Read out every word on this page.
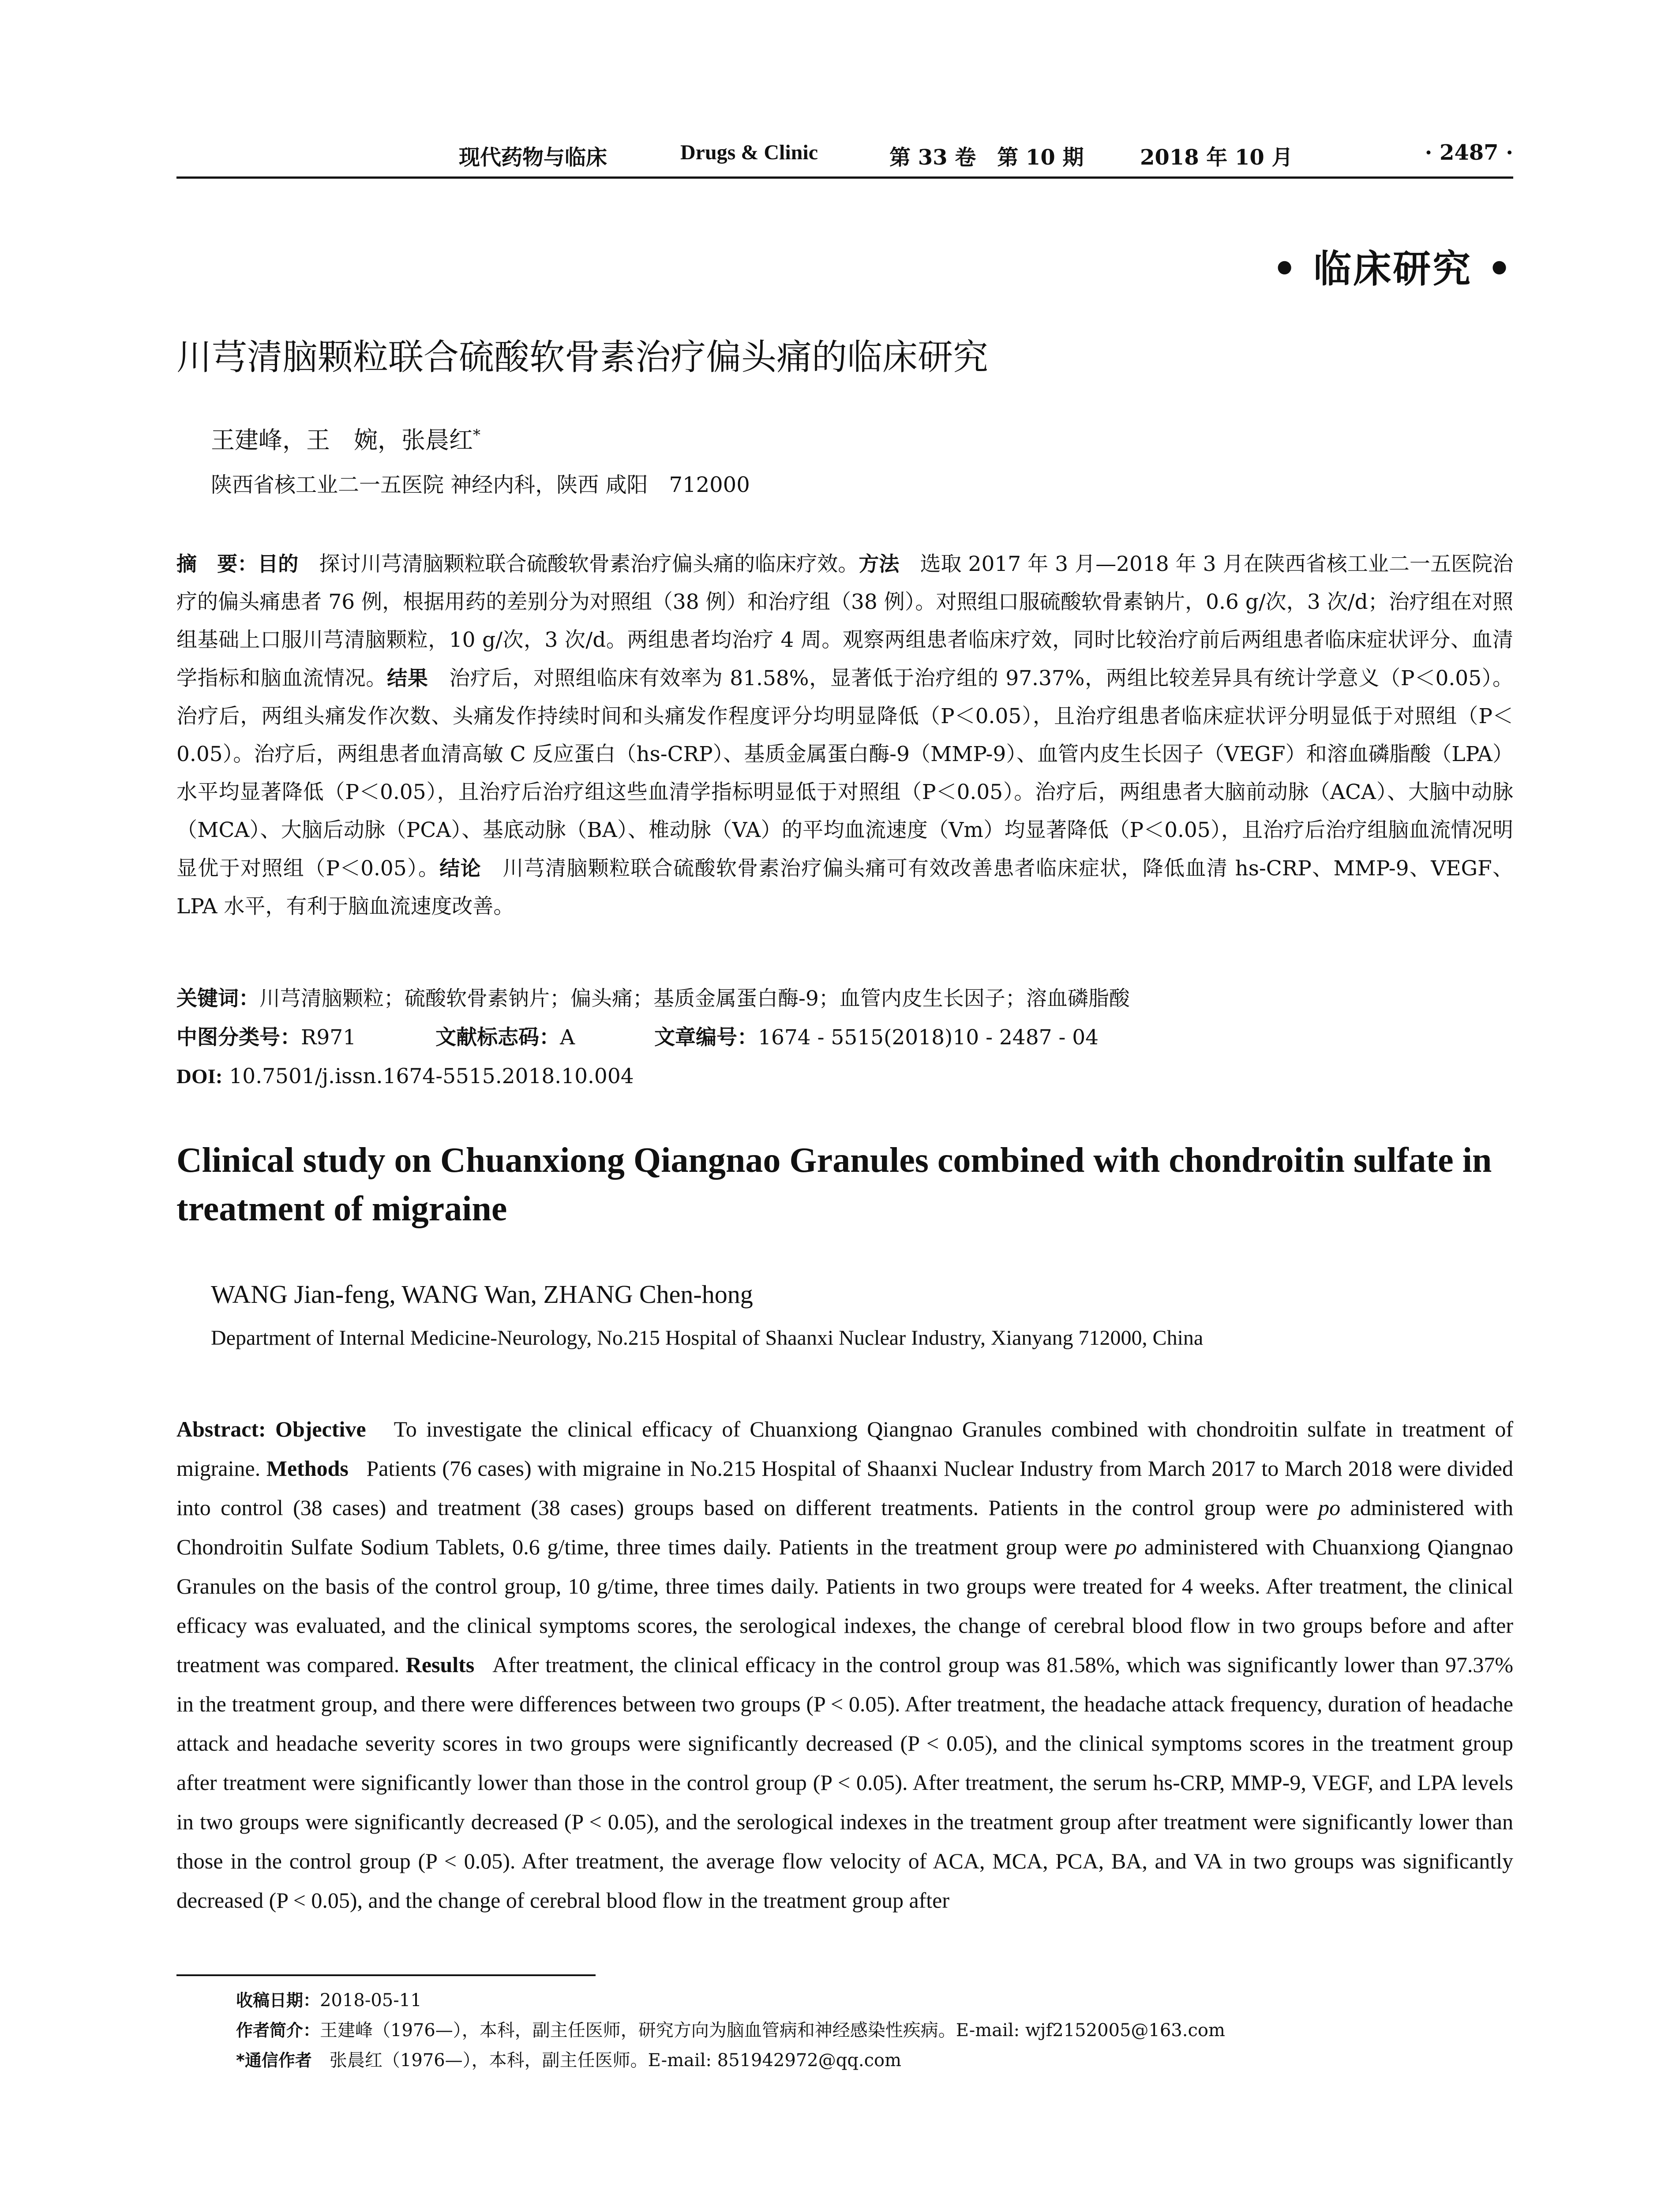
现代药物与临床	Drugs & Clinic	第 33 卷　第 10 期	2018 年 10 月	· 2487 ·
• 临床研究 •
川芎清脑颗粒联合硫酸软骨素治疗偏头痛的临床研究
王建峰，王　婉，张晨红*
陕西省核工业二一五医院 神经内科，陕西 咸阳　712000
摘　要：目的　 探讨川芎清脑颗粒联合硫酸软骨素治疗偏头痛的临床疗效。方法　 选取 2017 年 3 月—2018 年 3 月在陕西省核工业二一五医院治疗的偏头痛患者 76 例，根据用药的差别分为对照组（38 例）和治疗组（38 例）。对照组口服硫酸软骨素钠片，0.6 g/次，3 次/d；治疗组在对照组基础上口服川芎清脑颗粒，10 g/次，3 次/d。两组患者均治疗 4 周。观察两组患者临床疗效，同时比较治疗前后两组患者临床症状评分、血清学指标和脑血流情况。结果　 治疗后，对照组临床有效率为 81.58%，显著低于治疗组的 97.37%，两组比较差异具有统计学意义（P＜0.05）。治疗后，两组头痛发作次数、头痛发作持续时间和头痛发作程度评分均明显降低（P＜0.05），且治疗组患者临床症状评分明显低于对照组（P＜0.05）。治疗后，两组患者血清高敏 C 反应蛋白（hs-CRP）、基质金属蛋白酶-9（MMP-9）、血管内皮生长因子（VEGF）和溶血磷脂酸（LPA）水平均显著降低（P＜0.05），且治疗后治疗组这些血清学指标明显低于对照组（P＜0.05）。治疗后，两组患者大脑前动脉（ACA）、大脑中动脉（MCA）、大脑后动脉（PCA）、基底动脉（BA）、椎动脉（VA）的平均血流速度（Vm）均显著降低（P＜0.05），且治疗后治疗组脑血流情况明显优于对照组（P＜0.05）。结论　 川芎清脑颗粒联合硫酸软骨素治疗偏头痛可有效改善患者临床症状，降低血清 hs-CRP、MMP-9、VEGF、LPA 水平，有利于脑血流速度改善。
关键词：川芎清脑颗粒；硫酸软骨素钠片；偏头痛；基质金属蛋白酶-9；血管内皮生长因子；溶血磷脂酸
中图分类号：R971	文献标志码：A	文章编号：1674 - 5515(2018)10 - 2487 - 04
DOI: 10.7501/j.issn.1674-5515.2018.10.004
Clinical study on Chuanxiong Qiangnao Granules combined with chondroitin sulfate in treatment of migraine
WANG Jian-feng, WANG Wan, ZHANG Chen-hong
Department of Internal Medicine-Neurology, No.215 Hospital of Shaanxi Nuclear Industry, Xianyang 712000, China
Abstract: Objective To investigate the clinical efficacy of Chuanxiong Qiangnao Granules combined with chondroitin sulfate in treatment of migraine. Methods Patients (76 cases) with migraine in No.215 Hospital of Shaanxi Nuclear Industry from March 2017 to March 2018 were divided into control (38 cases) and treatment (38 cases) groups based on different treatments. Patients in the control group were po administered with Chondroitin Sulfate Sodium Tablets, 0.6 g/time, three times daily. Patients in the treatment group were po administered with Chuanxiong Qiangnao Granules on the basis of the control group, 10 g/time, three times daily. Patients in two groups were treated for 4 weeks. After treatment, the clinical efficacy was evaluated, and the clinical symptoms scores, the serological indexes, the change of cerebral blood flow in two groups before and after treatment was compared. Results After treatment, the clinical efficacy in the control group was 81.58%, which was significantly lower than 97.37% in the treatment group, and there were differences between two groups (P < 0.05). After treatment, the headache attack frequency, duration of headache attack and headache severity scores in two groups were significantly decreased (P < 0.05), and the clinical symptoms scores in the treatment group after treatment were significantly lower than those in the control group (P < 0.05). After treatment, the serum hs-CRP, MMP-9, VEGF, and LPA levels in two groups were significantly decreased (P < 0.05), and the serological indexes in the treatment group after treatment were significantly lower than those in the control group (P < 0.05). After treatment, the average flow velocity of ACA, MCA, PCA, BA, and VA in two groups was significantly decreased (P < 0.05), and the change of cerebral blood flow in the treatment group after
收稿日期：2018-05-11
作者简介：王建峰（1976—），本科，副主任医师，研究方向为脑血管病和神经感染性疾病。E-mail: wjf2152005@163.com
*通信作者　 张晨红（1976—），本科，副主任医师。E-mail: 851942972@qq.com
